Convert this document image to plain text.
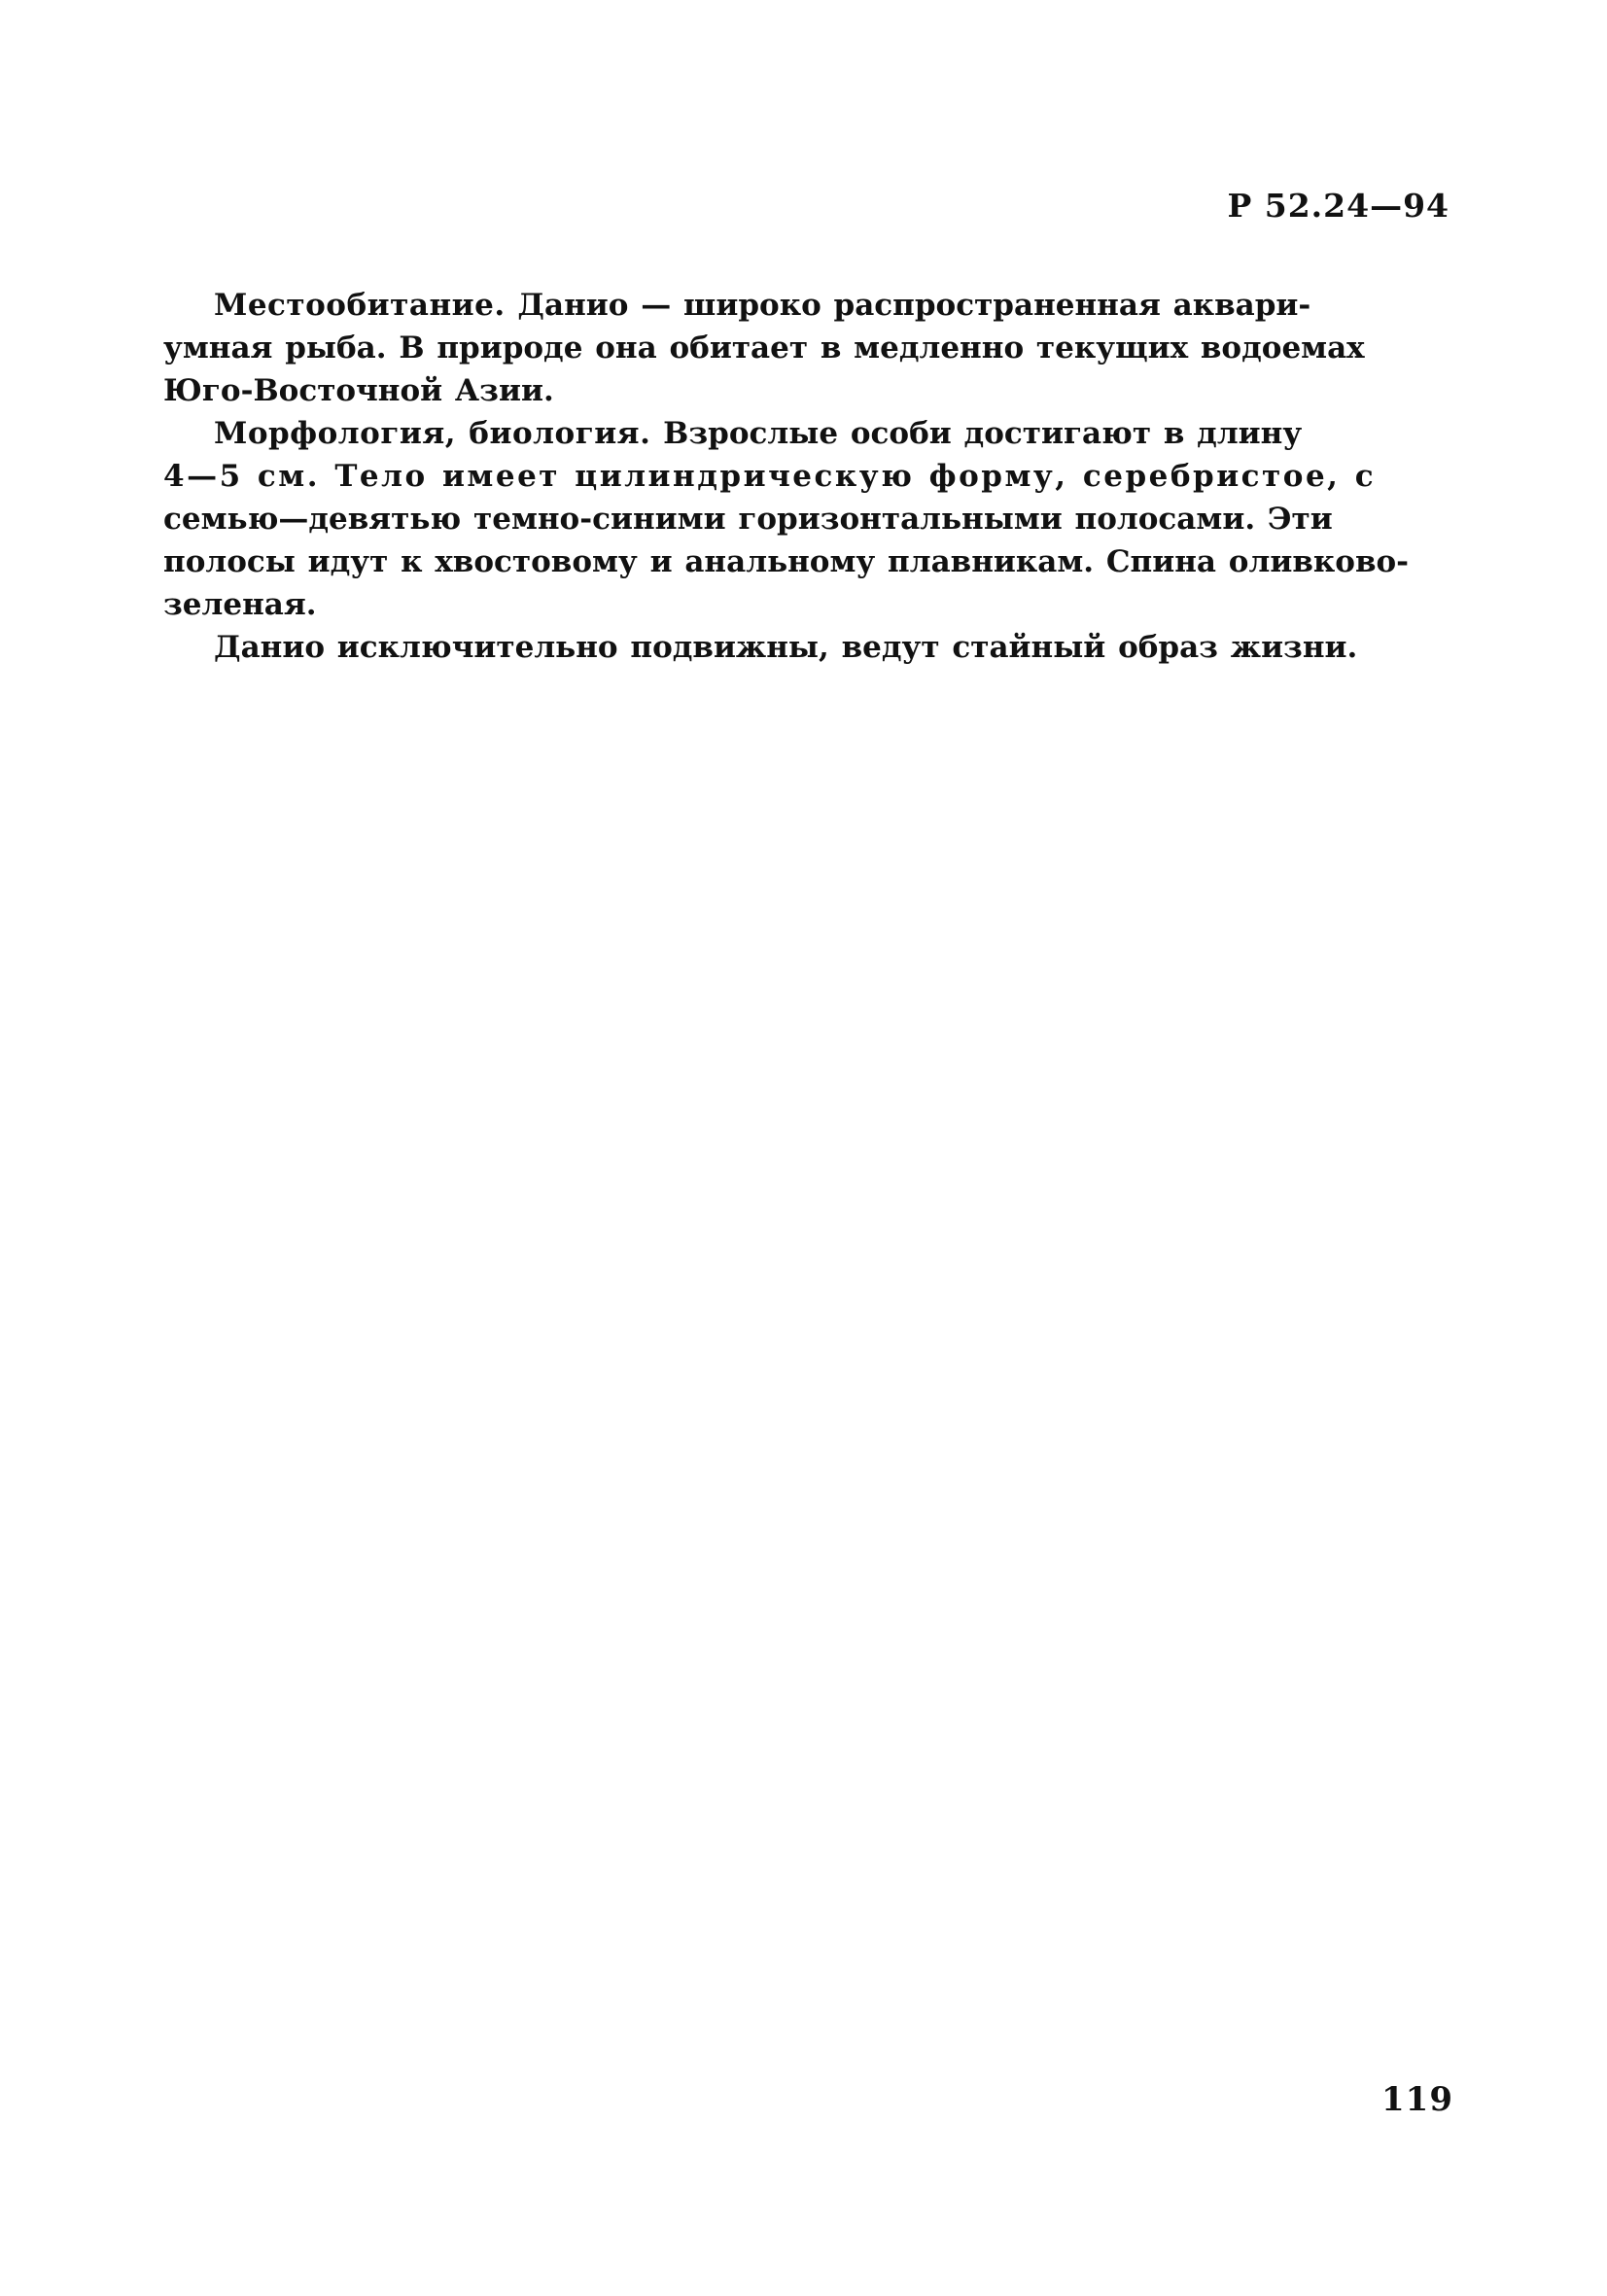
Р 52.24—94

Местообитание. Данио — широко распространенная аквари-
умная рыба. В природе она обитает в медленно текущих водоемах
Юго-Восточной Азии.

Морфология, биология. Взрослые особи достигают в длину
4—5 см. Тело имеет цилиндрическую форму, серебристое, с
семью—девятью темно-синими горизонтальными полосами. Эти
полосы идут к хвостовому и анальному плавникам. Спина оливково-
зеленая.

Данио исключительно подвижны, ведут стайный образ жизни.

119
